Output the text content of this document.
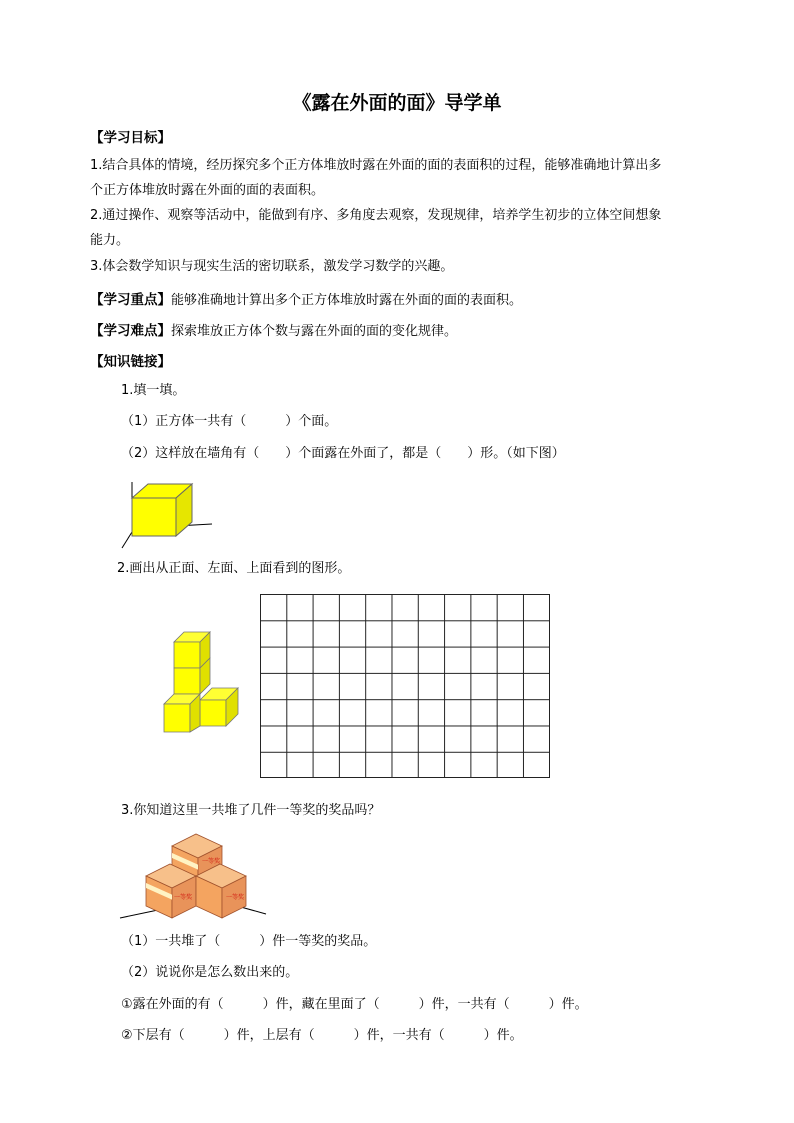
《露在外面的面》导学单
【学习目标】
1.结合具体的情境，经历探究多个正方体堆放时露在外面的面的表面积的过程，能够准确地计算出多
个正方体堆放时露在外面的面的表面积。
2.通过操作、观察等活动中，能做到有序、多角度去观察，发现规律，培养学生初步的立体空间想象
能力。
3.体会数学知识与现实生活的密切联系，激发学习数学的兴趣。
【学习重点】能够准确地计算出多个正方体堆放时露在外面的面的表面积。
【学习难点】探索堆放正方体个数与露在外面的面的变化规律。
【知识链接】
1.填一填。
（1）正方体一共有（　　　）个面。
（2）这样放在墙角有（　　）个面露在外面了，都是（　　）形。（如下图）
2.画出从正面、左面、上面看到的图形。
3.你知道这里一共堆了几件一等奖的奖品吗？
一等奖
一等奖	一等奖
（1）一共堆了（　　　）件一等奖的奖品。
（2）说说你是怎么数出来的。
①露在外面的有（　　　）件，藏在里面了（　　　）件，一共有（　　　）件。
②下层有（　　　）件，上层有（　　　）件，一共有（　　　）件。
